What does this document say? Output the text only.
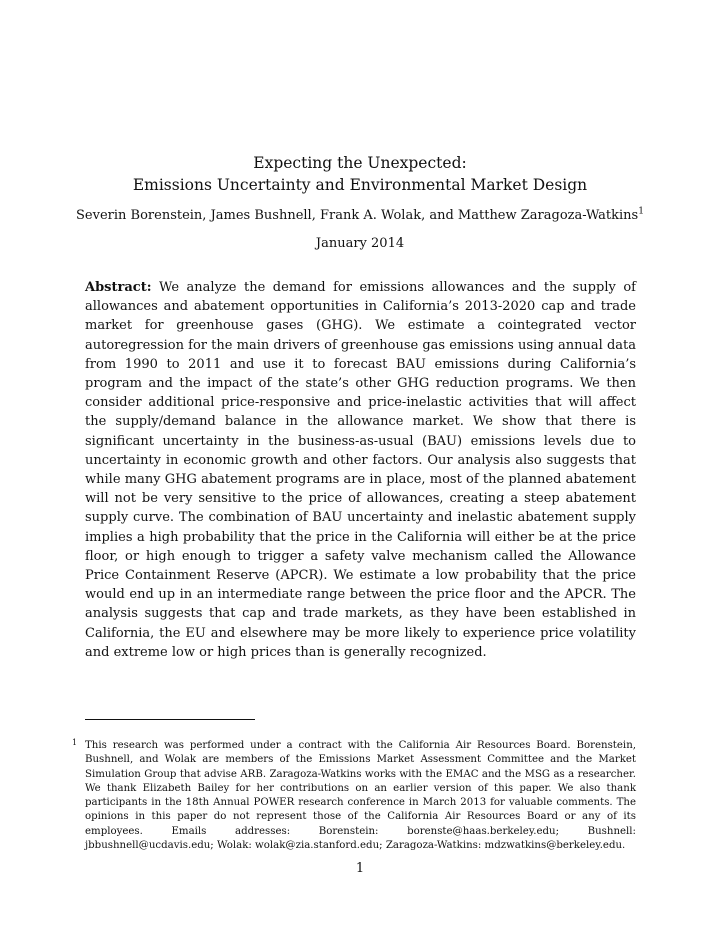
Expecting the Unexpected:
Emissions Uncertainty and Environmental Market Design
Severin Borenstein, James Bushnell, Frank A. Wolak, and Matthew Zaragoza-Watkins$^1$
January 2014
Abstract: We analyze the demand for emissions allowances and the supply of allowances and abatement opportunities in California’s 2013-2020 cap and trade market for greenhouse gases (GHG). We estimate a cointegrated vector autoregression for the main drivers of greenhouse gas emissions using annual data from 1990 to 2011 and use it to forecast BAU emissions during California’s program and the impact of the state’s other GHG reduction programs. We then consider additional price-responsive and price-inelastic activities that will affect the supply/demand balance in the allowance market. We show that there is significant uncertainty in the business-as-usual (BAU) emissions levels due to uncertainty in economic growth and other factors. Our analysis also suggests that while many GHG abatement programs are in place, most of the planned abatement will not be very sensitive to the price of allowances, creating a steep abatement supply curve. The combination of BAU uncertainty and inelastic abatement supply implies a high probability that the price in the California will either be at the price floor, or high enough to trigger a safety valve mechanism called the Allowance Price Containment Reserve (APCR). We estimate a low probability that the price would end up in an intermediate range between the price floor and the APCR. The analysis suggests that cap and trade markets, as they have been established in California, the EU and elsewhere may be more likely to experience price volatility and extreme low or high prices than is generally recognized.
1 This research was performed under a contract with the California Air Resources Board. Borenstein, Bushnell, and Wolak are members of the Emissions Market Assessment Committee and the Market Simulation Group that advise ARB. Zaragoza-Watkins works with the EMAC and the MSG as a researcher. We thank Elizabeth Bailey for her contributions on an earlier version of this paper. We also thank participants in the 18th Annual POWER research conference in March 2013 for valuable comments. The opinions in this paper do not represent those of the California Air Resources Board or any of its employees. Emails addresses: Borenstein: borenste@haas.berkeley.edu; Bushnell: jbbushnell@ucdavis.edu; Wolak: wolak@zia.stanford.edu; Zaragoza-Watkins: mdzwatkins@berkeley.edu.
1
